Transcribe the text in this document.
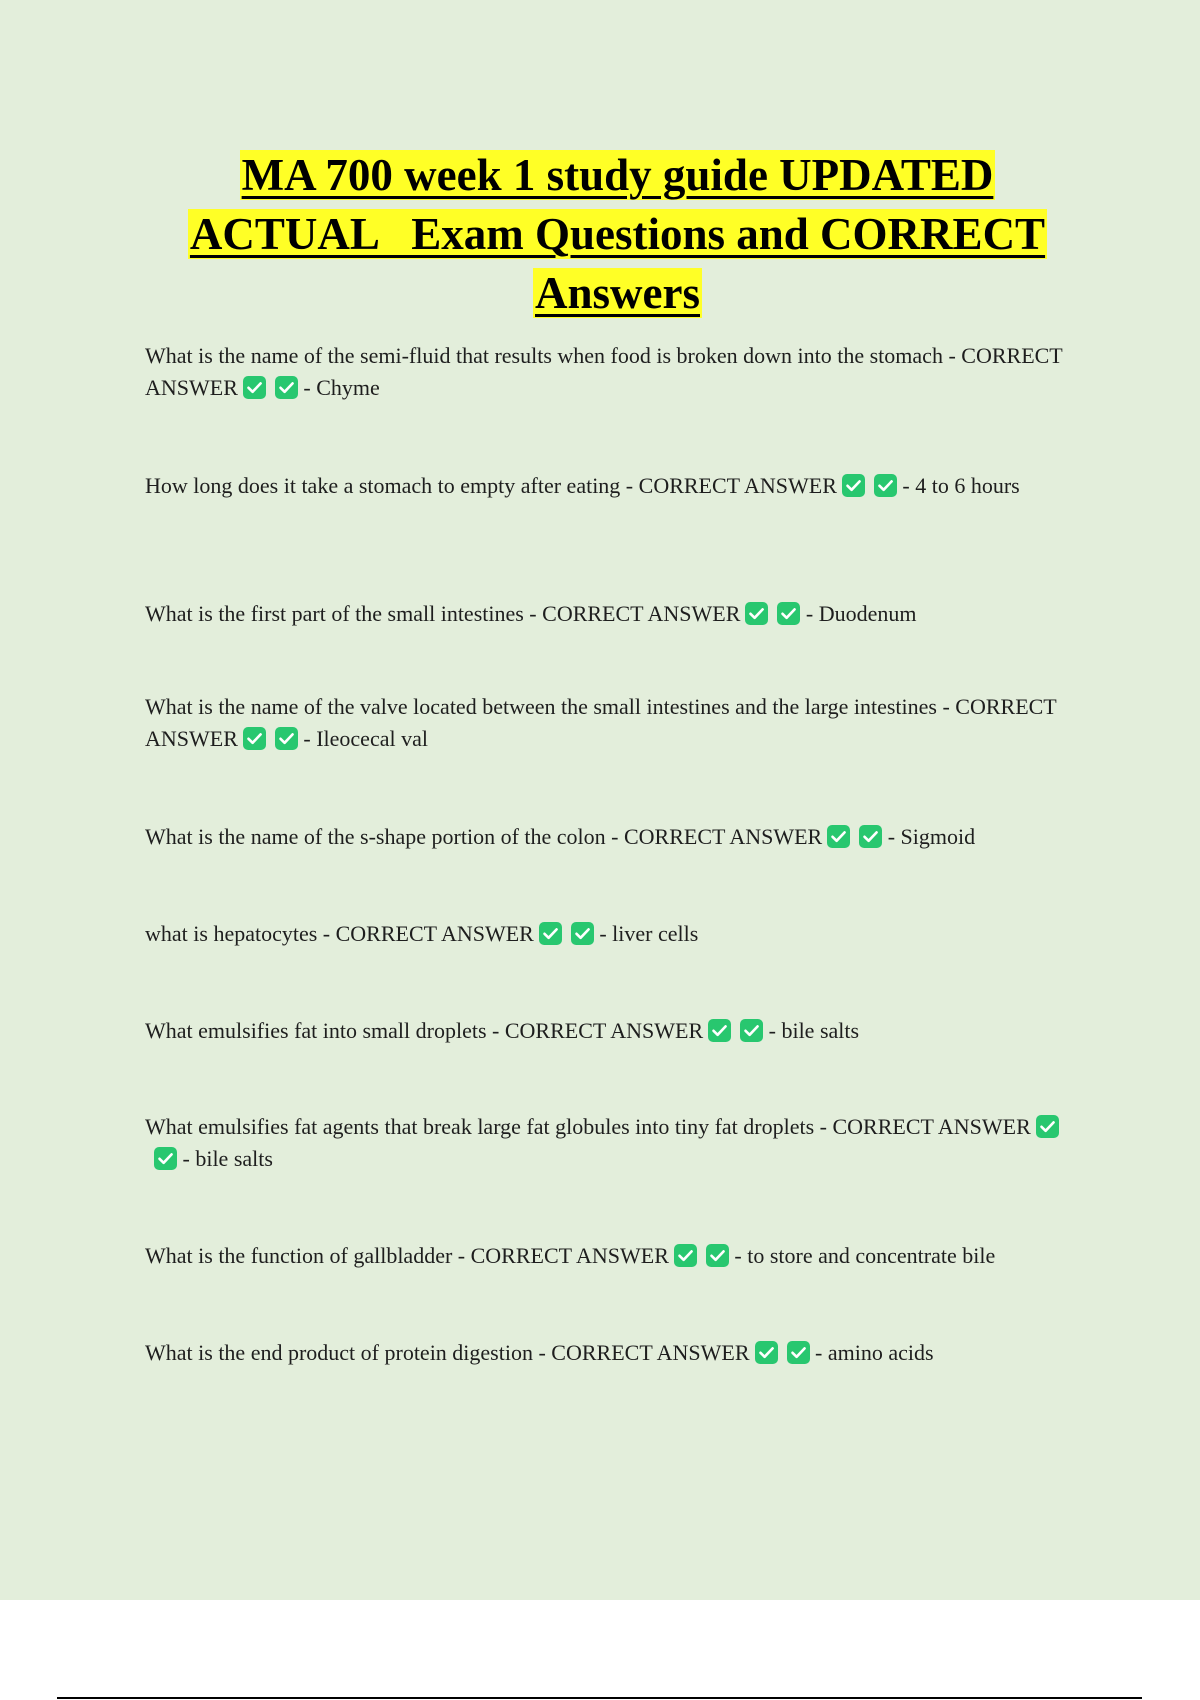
MA 700 week 1 study guide UPDATED
ACTUAL   Exam Questions and CORRECT
Answers

What is the name of the semi-fluid that results when food is broken down into the stomach - CORRECT ANSWER	- Chyme

How long does it take a stomach to empty after eating - CORRECT ANSWER	- 4 to 6 hours

What is the first part of the small intestines - CORRECT ANSWER	- Duodenum

What is the name of the valve located between the small intestines and the large intestines - CORRECT ANSWER	- Ileocecal val

What is the name of the s-shape portion of the colon - CORRECT ANSWER	- Sigmoid

what is hepatocytes - CORRECT ANSWER	- liver cells

What emulsifies fat into small droplets - CORRECT ANSWER	- bile salts

What emulsifies fat agents that break large fat globules into tiny fat droplets - CORRECT ANSWER
- bile salts

What is the function of gallbladder - CORRECT ANSWER	- to store and concentrate bile

What is the end product of protein digestion - CORRECT ANSWER	- amino acids
